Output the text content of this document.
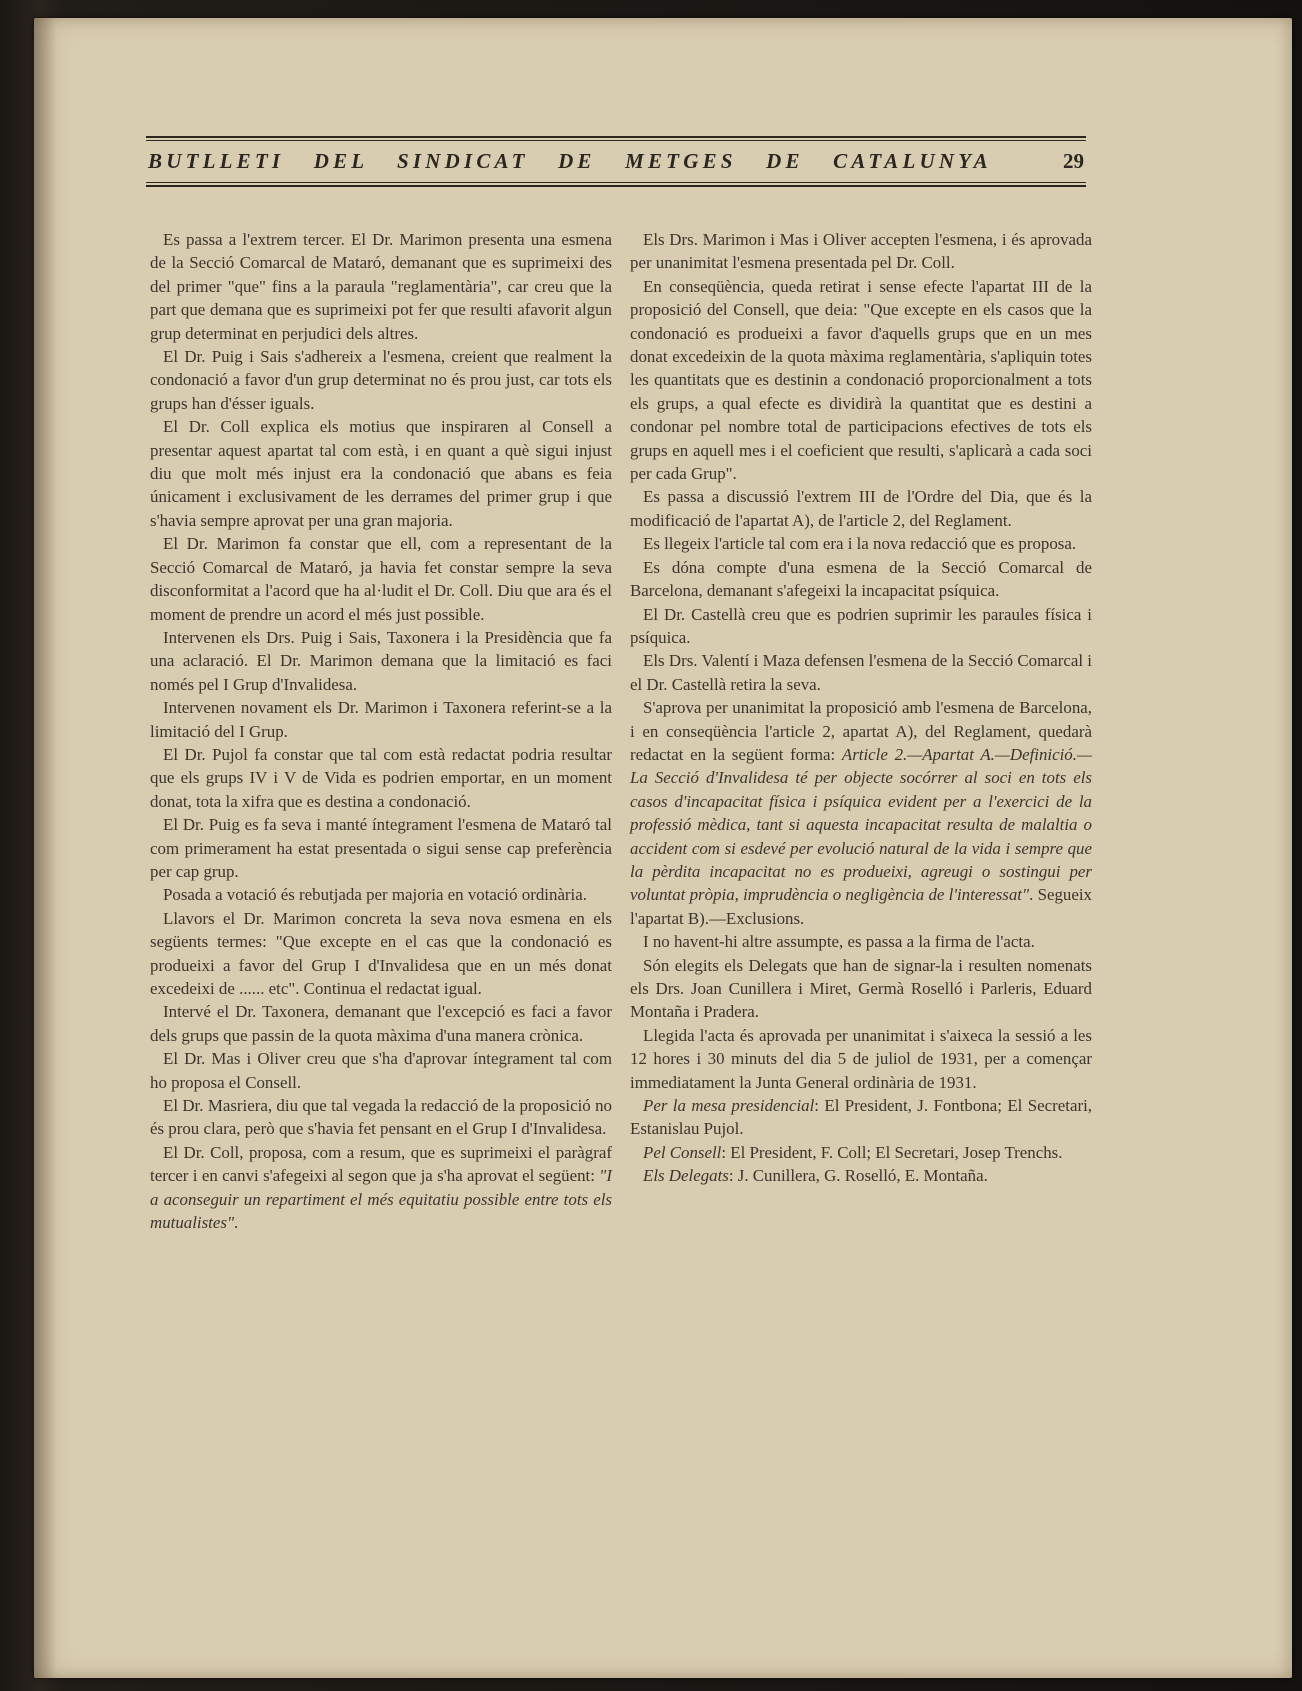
BUTLLETI DEL SINDICAT DE METGES DE CATALUNYA	29

Es passa a l'extrem tercer. El Dr. Marimon presenta una esmena de la Secció Comarcal de Mataró, demanant que es suprimeixi des del primer "que" fins a la paraula "reglamentària", car creu que la part que demana que es suprimeixi pot fer que resulti afavorit algun grup determinat en perjudici dels altres.

El Dr. Puig i Sais s'adhereix a l'esmena, creient que realment la condonació a favor d'un grup determinat no és prou just, car tots els grups han d'ésser iguals.

El Dr. Coll explica els motius que inspiraren al Consell a presentar aquest apartat tal com està, i en quant a què sigui injust diu que molt més injust era la condonació que abans es feia únicament i exclusivament de les derrames del primer grup i que s'havia sempre aprovat per una gran majoria.

El Dr. Marimon fa constar que ell, com a representant de la Secció Comarcal de Mataró, ja havia fet constar sempre la seva disconformitat a l'acord que ha al·ludit el Dr. Coll. Diu que ara és el moment de prendre un acord el més just possible.

Intervenen els Drs. Puig i Sais, Taxonera i la Presidència que fa una aclaració. El Dr. Marimon demana que la limitació es faci només pel I Grup d'Invalidesa.

Intervenen novament els Dr. Marimon i Taxonera referint-se a la limitació del I Grup.

El Dr. Pujol fa constar que tal com està redactat podria resultar que els grups IV i V de Vida es podrien emportar, en un moment donat, tota la xifra que es destina a condonació.

El Dr. Puig es fa seva i manté íntegrament l'esmena de Mataró tal com primerament ha estat presentada o sigui sense cap preferència per cap grup.

Posada a votació és rebutjada per majoria en votació ordinària.

Llavors el Dr. Marimon concreta la seva nova esmena en els següents termes: "Que excepte en el cas que la condonació es produeixi a favor del Grup I d'Invalidesa que en un més donat excedeixi de ...... etc". Continua el redactat igual.

Intervé el Dr. Taxonera, demanant que l'excepció es faci a favor dels grups que passin de la quota màxima d'una manera crònica.

El Dr. Mas i Oliver creu que s'ha d'aprovar íntegrament tal com ho proposa el Consell.

El Dr. Masriera, diu que tal vegada la redacció de la proposició no és prou clara, però que s'havia fet pensant en el Grup I d'Invalidesa.

El Dr. Coll, proposa, com a resum, que es suprimeixi el paràgraf tercer i en canvi s'afegeixi al segon que ja s'ha aprovat el següent: "I a aconseguir un repartiment el més equitatiu possible entre tots els mutualistes".

Els Drs. Marimon i Mas i Oliver accepten l'esmena, i és aprovada per unanimitat l'esmena presentada pel Dr. Coll.

En conseqüència, queda retirat i sense efecte l'apartat III de la proposició del Consell, que deia: "Que excepte en els casos que la condonació es produeixi a favor d'aquells grups que en un mes donat excedeixin de la quota màxima reglamentària, s'apliquin totes les quantitats que es destinin a condonació proporcionalment a tots els grups, a qual efecte es dividirà la quantitat que es destini a condonar pel nombre total de participacions efectives de tots els grups en aquell mes i el coeficient que resulti, s'aplicarà a cada soci per cada Grup".

Es passa a discussió l'extrem III de l'Ordre del Dia, que és la modificació de l'apartat A), de l'article 2, del Reglament.

Es llegeix l'article tal com era i la nova redacció que es proposa.

Es dóna compte d'una esmena de la Secció Comarcal de Barcelona, demanant s'afegeixi la incapacitat psíquica.

El Dr. Castellà creu que es podrien suprimir les paraules física i psíquica.

Els Drs. Valentí i Maza defensen l'esmena de la Secció Comarcal i el Dr. Castellà retira la seva.

S'aprova per unanimitat la proposició amb l'esmena de Barcelona, i en conseqüència l'article 2, apartat A), del Reglament, quedarà redactat en la següent forma: Article 2.—Apartat A.—Definició.—La Secció d'Invalidesa té per objecte socórrer al soci en tots els casos d'incapacitat física i psíquica evident per a l'exercici de la professió mèdica, tant si aquesta incapacitat resulta de malaltia o accident com si esdevé per evolució natural de la vida i sempre que la pèrdita incapacitat no es produeixi, agreugi o sostingui per voluntat pròpia, imprudència o negligència de l'interessat". Segueix l'apartat B).—Exclusions.

I no havent-hi altre assumpte, es passa a la firma de l'acta.

Són elegits els Delegats que han de signar-la i resulten nomenats els Drs. Joan Cunillera i Miret, Germà Roselló i Parleris, Eduard Montaña i Pradera.

Llegida l'acta és aprovada per unanimitat i s'aixeca la sessió a les 12 hores i 30 minuts del dia 5 de juliol de 1931, per a començar immediatament la Junta General ordinària de 1931.

Per la mesa presidencial: El President, J. Fontbona; El Secretari, Estanislau Pujol.

Pel Consell: El President, F. Coll; El Secretari, Josep Trenchs.

Els Delegats: J. Cunillera, G. Roselló, E. Montaña.
